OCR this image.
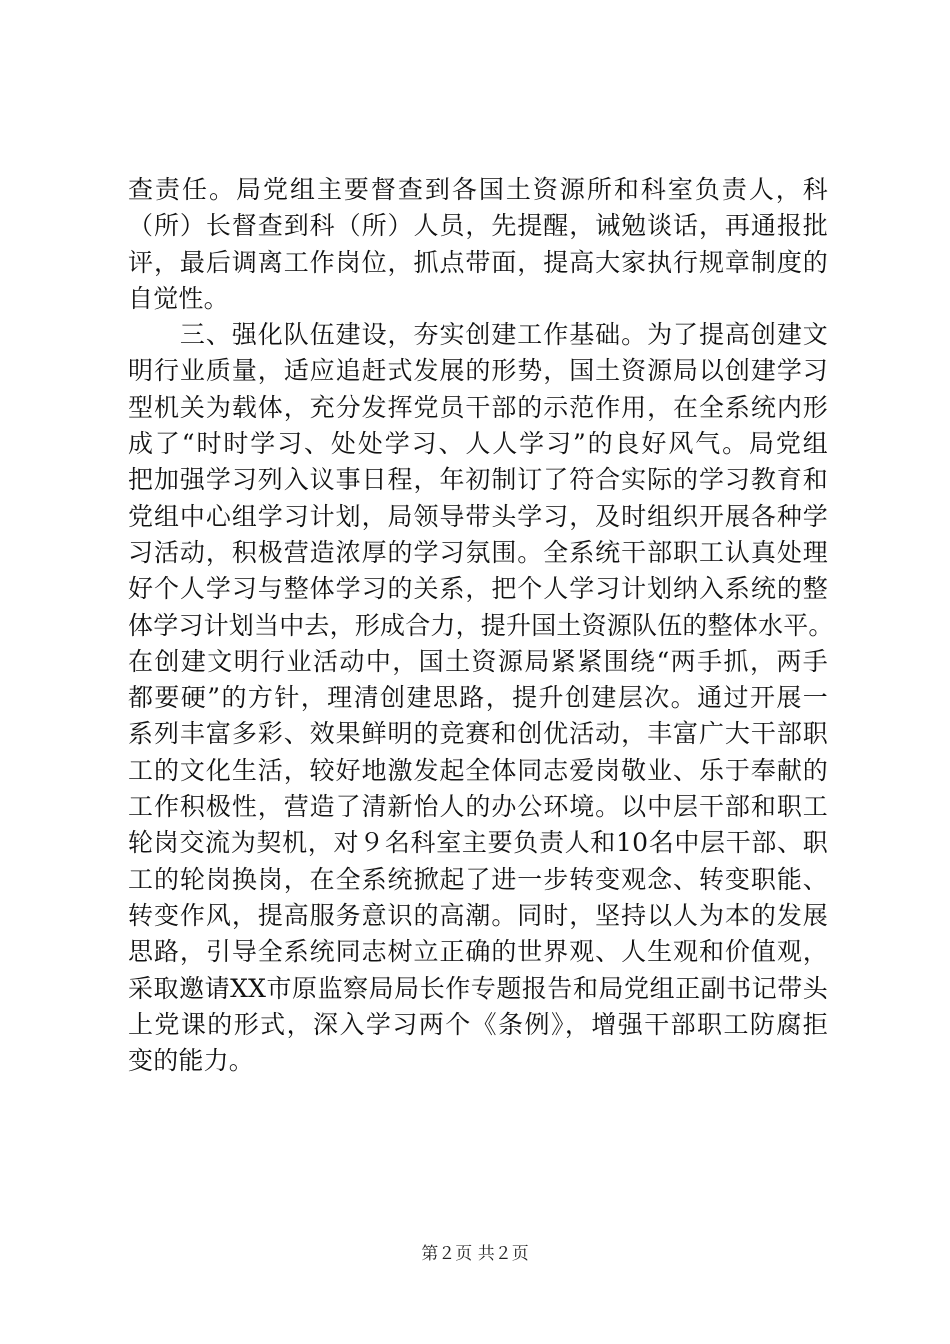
查责任。局党组主要督查到各国土资源所和科室负责人，科
（所）长督查到科（所）人员，先提醒，诫勉谈话，再通报批
评，最后调离工作岗位，抓点带面，提高大家执行规章制度的
自觉性。
　　三、强化队伍建设，夯实创建工作基础。为了提高创建文
明行业质量，适应追赶式发展的形势，国土资源局以创建学习
型机关为载体，充分发挥党员干部的示范作用，在全系统内形
成了“时时学习、处处学习、人人学习”的良好风气。局党组
把加强学习列入议事日程，年初制订了符合实际的学习教育和
党组中心组学习计划，局领导带头学习，及时组织开展各种学
习活动，积极营造浓厚的学习氛围。全系统干部职工认真处理
好个人学习与整体学习的关系，把个人学习计划纳入系统的整
体学习计划当中去，形成合力，提升国土资源队伍的整体水平。
在创建文明行业活动中，国土资源局紧紧围绕“两手抓，两手
都要硬”的方针，理清创建思路，提升创建层次。通过开展一
系列丰富多彩、效果鲜明的竞赛和创优活动，丰富广大干部职
工的文化生活，较好地激发起全体同志爱岗敬业、乐于奉献的
工作积极性，营造了清新怡人的办公环境。以中层干部和职工
轮岗交流为契机，对９名科室主要负责人和10名中层干部、职
工的轮岗换岗，在全系统掀起了进一步转变观念、转变职能、
转变作风，提高服务意识的高潮。同时，坚持以人为本的发展
思路，引导全系统同志树立正确的世界观、人生观和价值观，
采取邀请XX市原监察局局长作专题报告和局党组正副书记带头
上党课的形式，深入学习两个《条例》，增强干部职工防腐拒
变的能力。
第２页 共２页
